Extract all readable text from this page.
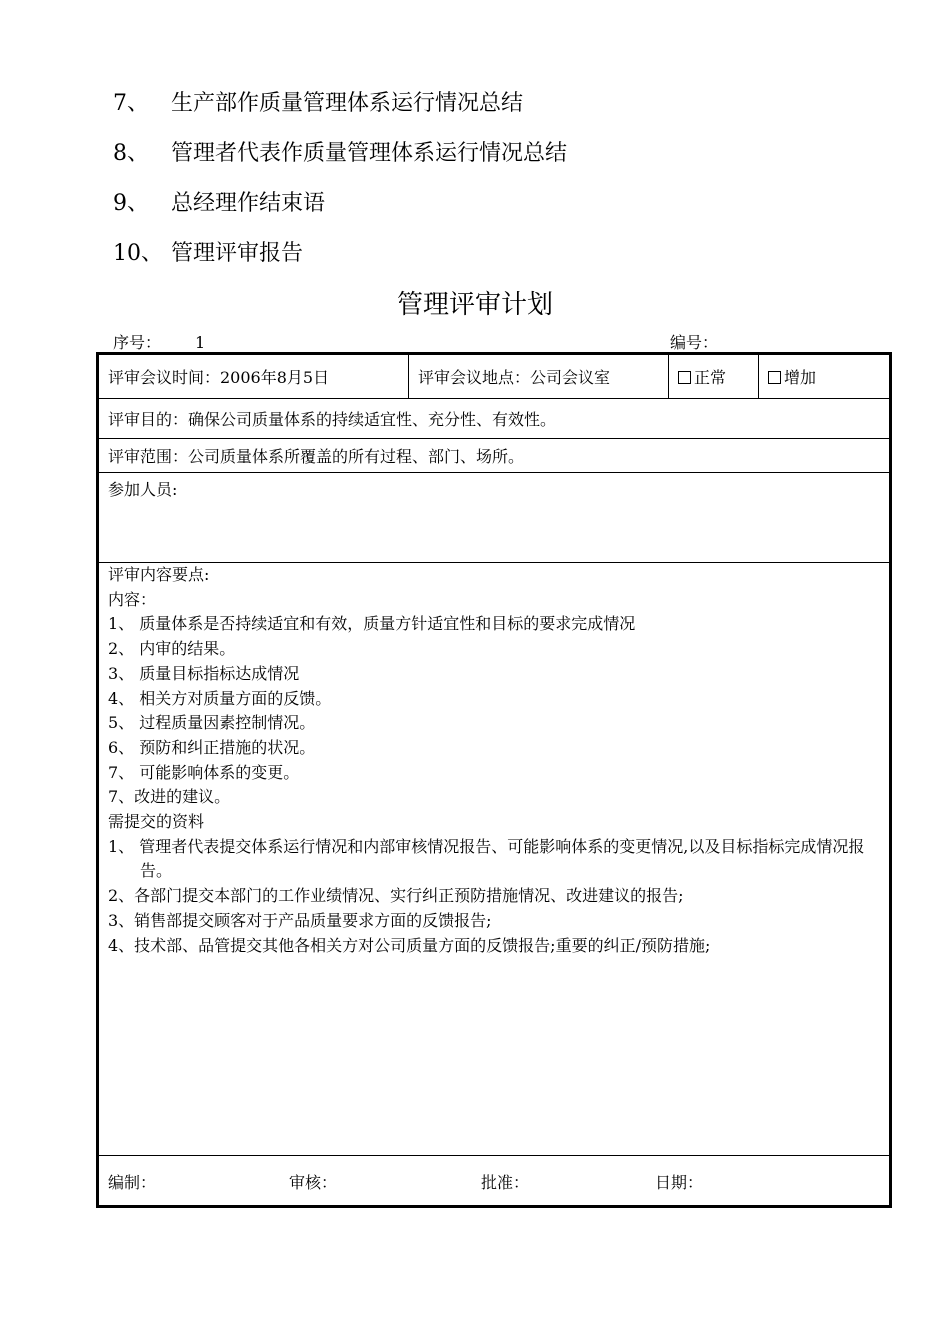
7、	生产部作质量管理体系运行情况总结
8、	管理者代表作质量管理体系运行情况总结
9、	总经理作结束语
10、 管理评审报告
管理评审计划
序号： 1	编号：
评审会议时间：2006年8月5日	评审会议地点：公司会议室	正常	增加
评审目的：确保公司质量体系的持续适宜性、充分性、有效性。
评审范围：公司质量体系所覆盖的所有过程、部门、场所。
参加人员:
评审内容要点:
内容：
1、 质量体系是否持续适宜和有效，质量方针适宜性和目标的要求完成情况
2、 内审的结果。
3、 质量目标指标达成情况
4、 相关方对质量方面的反馈。
5、 过程质量因素控制情况。
6、 预防和纠正措施的状况。
7、 可能影响体系的变更。
7、改进的建议。
需提交的资料
1、 管理者代表提交体系运行情况和内部审核情况报告、可能影响体系的变更情况,以及目标指标完成情况报告。
2、各部门提交本部门的工作业绩情况、实行纠正预防措施情况、改进建议的报告;
3、销售部提交顾客对于产品质量要求方面的反馈报告;
4、技术部、品管提交其他各相关方对公司质量方面的反馈报告;重要的纠正/预防措施;
编制：	审核：	批准：	日期：
